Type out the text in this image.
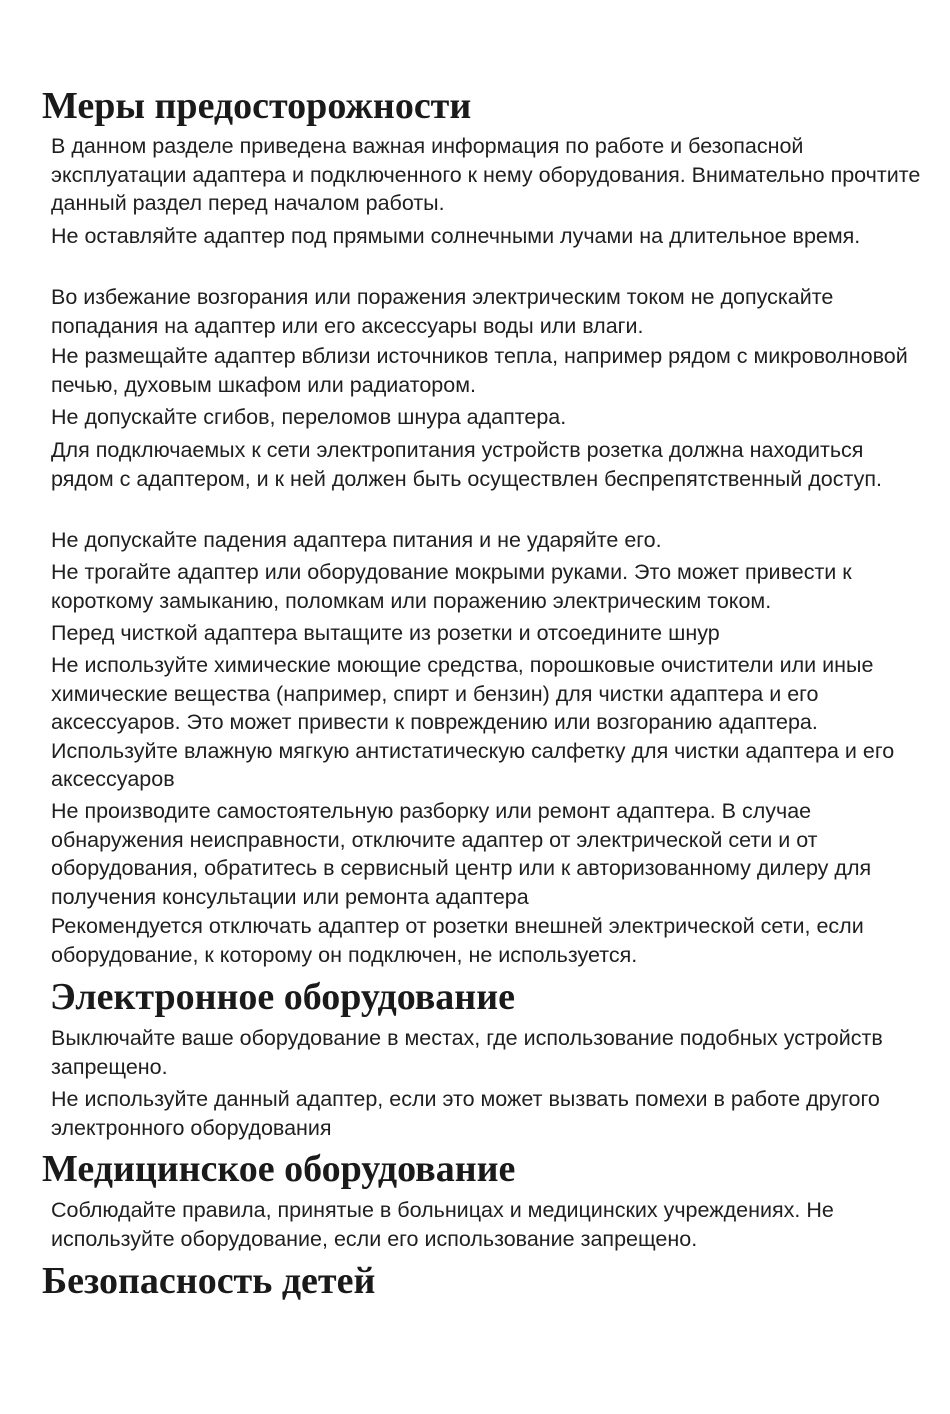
Меры предосторожности

В данном разделе приведена важная информация по работе и безопасной эксплуатации адаптера и подключенного к нему оборудования. Внимательно прочтите данный раздел перед началом работы.

Не оставляйте адаптер под прямыми солнечными лучами на длительное время.

Во избежание возгорания или поражения электрическим током не допускайте попадания на адаптер или его аксессуары воды или влаги.

Не размещайте адаптер вблизи источников тепла, например рядом с микроволновой печью, духовым шкафом или радиатором.

Не допускайте сгибов, переломов шнура адаптера.

Для подключаемых к сети электропитания устройств розетка должна находиться рядом с адаптером, и к ней должен быть осуществлен беспрепятственный доступ.

Не допускайте падения адаптера питания и не ударяйте его.

Не трогайте адаптер или оборудование мокрыми руками. Это может привести к короткому замыканию, поломкам или поражению электрическим током.

Перед чисткой адаптера вытащите из розетки и отсоедините шнур

Не используйте химические моющие средства, порошковые очистители или иные химические вещества (например, спирт и бензин) для чистки адаптера и его аксессуаров. Это может привести к повреждению или возгоранию адаптера. Используйте влажную мягкую антистатическую салфетку для чистки адаптера и его аксессуаров

Не производите самостоятельную разборку или ремонт адаптера. В случае обнаружения неисправности, отключите адаптер от электрической сети и от оборудования, обратитесь в сервисный центр или к авторизованному дилеру для получения консультации или ремонта адаптера

Рекомендуется отключать адаптер от розетки внешней электрической сети, если оборудование, к которому он подключен, не используется.

Электронное оборудование

Выключайте ваше оборудование в местах, где использование подобных устройств запрещено.

Не используйте данный адаптер, если это может вызвать помехи в работе другого электронного оборудования

Медицинское оборудование

Соблюдайте правила, принятые в больницах и медицинских учреждениях. Не используйте оборудование, если его использование запрещено.

Безопасность детей
